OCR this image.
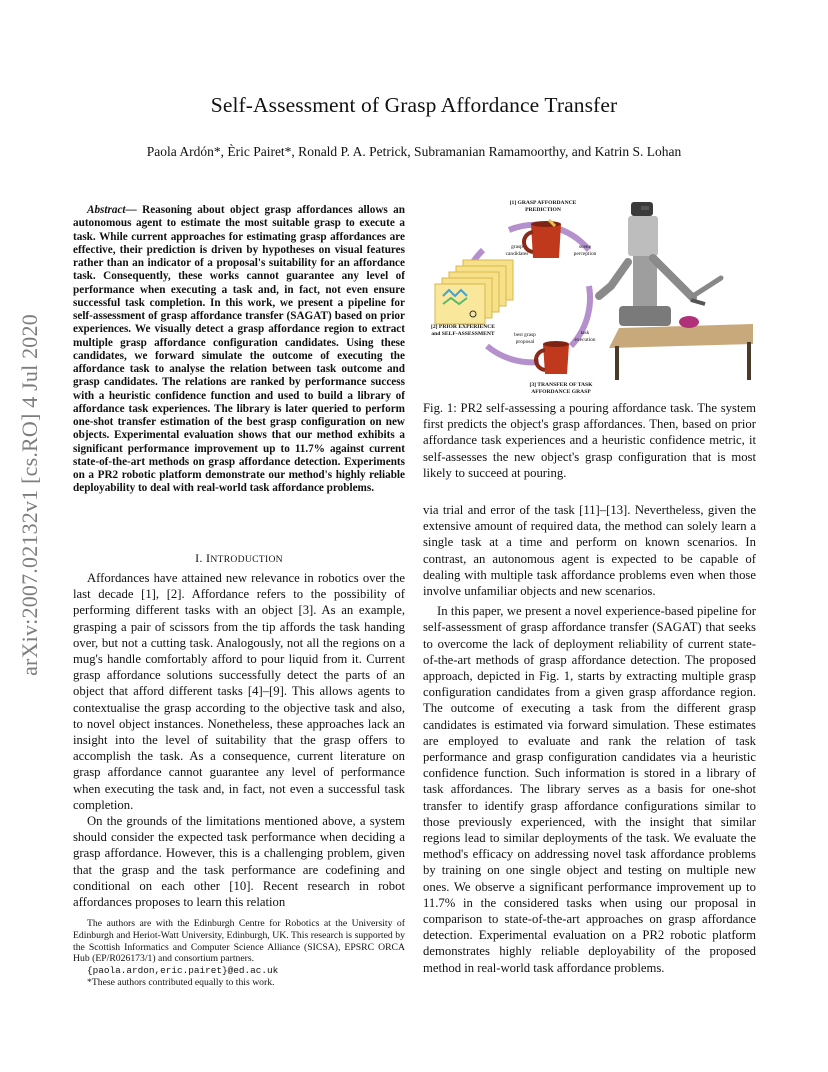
arXiv:2007.02132v1 [cs.RO] 4 Jul 2020
Self-Assessment of Grasp Affordance Transfer
Paola Ardón*, Èric Pairet*, Ronald P. A. Petrick, Subramanian Ramamoorthy, and Katrin S. Lohan

Abstract— Reasoning about object grasp affordances allows an autonomous agent to estimate the most suitable grasp to execute a task. While current approaches for estimating grasp affordances are effective, their prediction is driven by hypotheses on visual features rather than an indicator of a proposal's suitability for an affordance task. Consequently, these works cannot guarantee any level of performance when executing a task and, in fact, not even ensure successful task completion. In this work, we present a pipeline for self-assessment of grasp affordance transfer (SAGAT) based on prior experiences. We visually detect a grasp affordance region to extract multiple grasp affordance configuration candidates. Using these candidates, we forward simulate the outcome of executing the affordance task to analyse the relation between task outcome and grasp candidates. The relations are ranked by performance success with a heuristic confidence function and used to build a library of affordance task experiences. The library is later queried to perform one-shot transfer estimation of the best grasp configuration on new objects. Experimental evaluation shows that our method exhibits a significant performance improvement up to 11.7% against current state-of-the-art methods on grasp affordance detection. Experiments on a PR2 robotic platform demonstrate our method's highly reliable deployability to deal with real-world task affordance problems.

I. INTRODUCTION

Affordances have attained new relevance in robotics over the last decade [1], [2]. Affordance refers to the possibility of performing different tasks with an object [3]. As an example, grasping a pair of scissors from the tip affords the task handing over, but not a cutting task. Analogously, not all the regions on a mug's handle comfortably afford to pour liquid from it. Current grasp affordance solutions successfully detect the parts of an object that afford different tasks [4]–[9]. This allows agents to contextualise the grasp according to the objective task and also, to novel object instances. Nonetheless, these approaches lack an insight into the level of suitability that the grasp offers to accomplish the task. As a consequence, current literature on grasp affordance cannot guarantee any level of performance when executing the task and, in fact, not even a successful task completion.

On the grounds of the limitations mentioned above, a system should consider the expected task performance when deciding a grasp affordance. However, this is a challenging problem, given that the grasp and the task performance are codefining and conditional on each other [10]. Recent research in robot affordances proposes to learn this relation

The authors are with the Edinburgh Centre for Robotics at the University of Edinburgh and Heriot-Watt University, Edinburgh, UK. This research is supported by the Scottish Informatics and Computer Science Alliance (SICSA), EPSRC ORCA Hub (EP/R026173/1) and consortium partners.

{paola.ardon,eric.pairet}@ed.ac.uk

*These authors contributed equally to this work.

[1] GRASP AFFORDANCE
PREDICTION
[2] PRIOR EXPERIENCE
and SELF-ASSESSMENT
[3] TRANSFER OF TASK
AFFORDANCE GRASP
grasp
candidates
scene
perception
best grasp
proposal
task
execution

Fig. 1: PR2 self-assessing a pouring affordance task. The system first predicts the object's grasp affordances. Then, based on prior affordance task experiences and a heuristic confidence metric, it self-assesses the new object's grasp configuration that is most likely to succeed at pouring.

via trial and error of the task [11]–[13]. Nevertheless, given the extensive amount of required data, the method can solely learn a single task at a time and perform on known scenarios. In contrast, an autonomous agent is expected to be capable of dealing with multiple task affordance problems even when those involve unfamiliar objects and new scenarios.

In this paper, we present a novel experience-based pipeline for self-assessment of grasp affordance transfer (SAGAT) that seeks to overcome the lack of deployment reliability of current state-of-the-art methods of grasp affordance detection. The proposed approach, depicted in Fig. 1, starts by extracting multiple grasp configuration candidates from a given grasp affordance region. The outcome of executing a task from the different grasp candidates is estimated via forward simulation. These estimates are employed to evaluate and rank the relation of task performance and grasp configuration candidates via a heuristic confidence function. Such information is stored in a library of task affordances. The library serves as a basis for one-shot transfer to identify grasp affordance configurations similar to those previously experienced, with the insight that similar regions lead to similar deployments of the task. We evaluate the method's efficacy on addressing novel task affordance problems by training on one single object and testing on multiple new ones. We observe a significant performance improvement up to 11.7% in the considered tasks when using our proposal in comparison to state-of-the-art approaches on grasp affordance detection. Experimental evaluation on a PR2 robotic platform demonstrates highly reliable deployability of the proposed method in real-world task affordance problems.
